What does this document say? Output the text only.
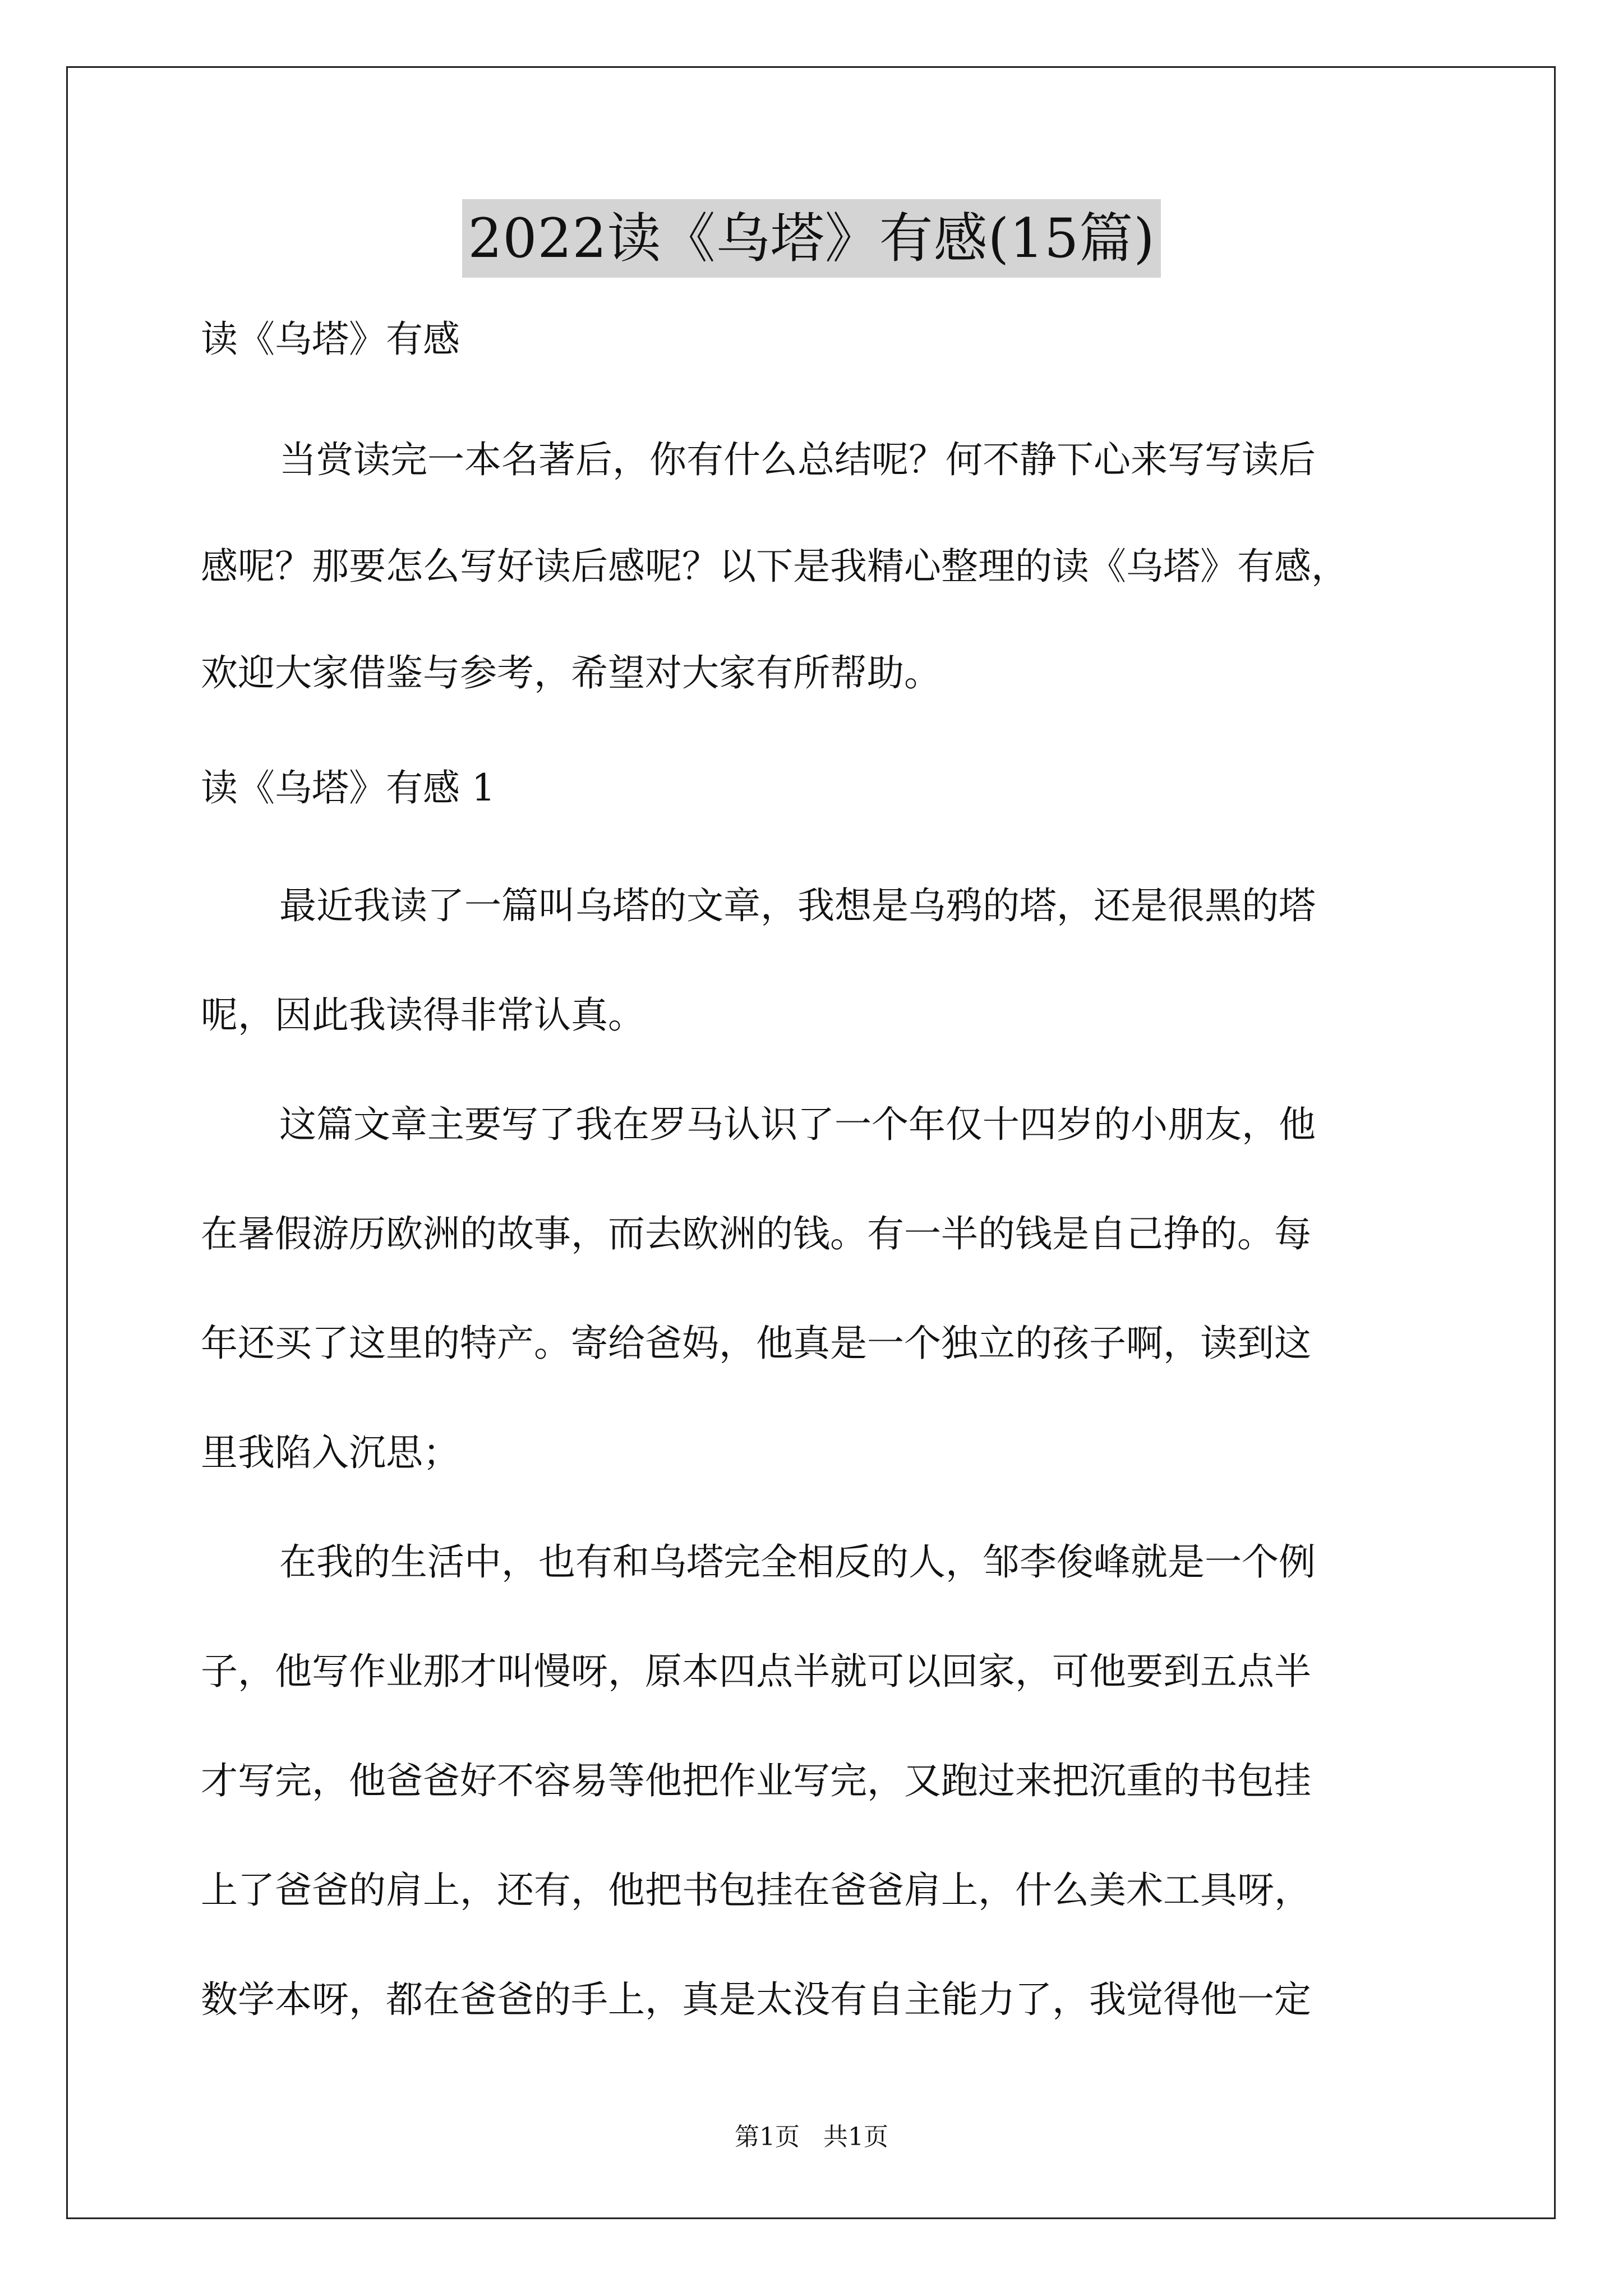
2022读《乌塔》有感(15篇)
读《乌塔》有感
当赏读完一本名著后，你有什么总结呢？何不静下心来写写读后
感呢？那要怎么写好读后感呢？以下是我精心整理的读《乌塔》有感，
欢迎大家借鉴与参考，希望对大家有所帮助。
读《乌塔》有感 1
最近我读了一篇叫乌塔的文章，我想是乌鸦的塔，还是很黑的塔
呢，因此我读得非常认真。
这篇文章主要写了我在罗马认识了一个年仅十四岁的小朋友，他
在暑假游历欧洲的故事，而去欧洲的钱。有一半的钱是自己挣的。每
年还买了这里的特产。寄给爸妈，他真是一个独立的孩子啊，读到这
里我陷入沉思；
在我的生活中，也有和乌塔完全相反的人，邹李俊峰就是一个例
子，他写作业那才叫慢呀，原本四点半就可以回家，可他要到五点半
才写完，他爸爸好不容易等他把作业写完，又跑过来把沉重的书包挂
上了爸爸的肩上，还有，他把书包挂在爸爸肩上，什么美术工具呀，
数学本呀，都在爸爸的手上，真是太没有自主能力了，我觉得他一定
第1页 共1页
